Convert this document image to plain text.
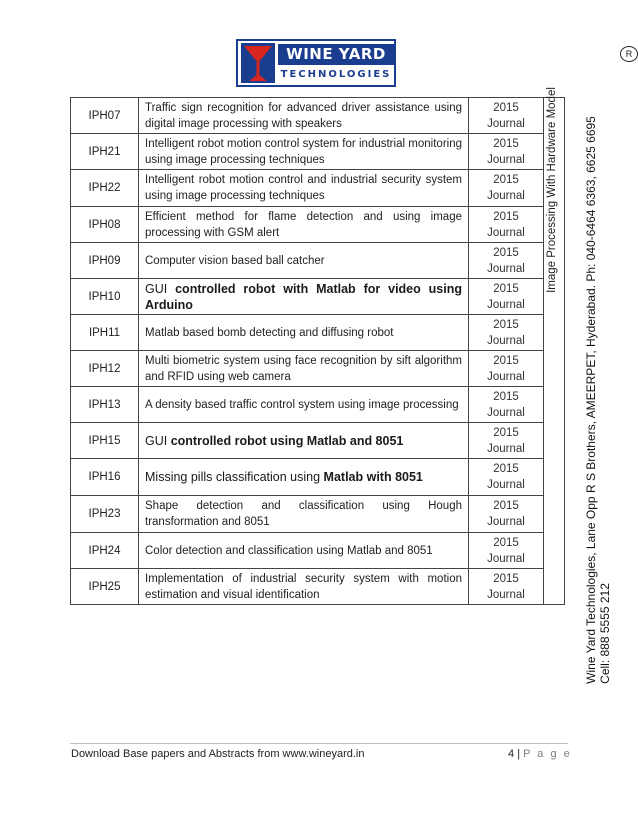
R
WINE YARD
TECHNOLOGIES
IPH07	Traffic sign recognition for advanced driver assistance using digital image processing with speakers	2015
Journal	Image Processing With Hardware Model

IPH21	Intelligent robot motion control system for industrial monitoring using image processing techniques	2015
Journal	

IPH22	Intelligent robot motion control and industrial security system using image processing techniques	2015
Journal	

IPH08	Efficient method for flame detection and using image processing with GSM alert	2015
Journal	

IPH09	Computer vision based ball catcher	2015
Journal	

IPH10	GUI controlled robot with Matlab for video using Arduino	2015
Journal	

IPH11	Matlab based bomb detecting and diffusing robot	2015
Journal	

IPH12	Multi biometric system using face recognition by sift algorithm and RFID using web camera	2015
Journal	

IPH13	A density based traffic control system using image processing	2015
Journal	

IPH15	GUI controlled robot using Matlab and 8051	2015
Journal	

IPH16	Missing pills classification using Matlab with 8051	2015
Journal	

IPH23	Shape detection and classification using Hough transformation and 8051	2015
Journal	

IPH24	Color detection and classification using Matlab and 8051	2015
Journal	

IPH25	Implementation of industrial security system with motion estimation and visual identification	2015
Journal		Wine Yard Technologies, Lane Opp R S Brothers, AMEERPET, Hyderabad. Ph: 040-6464 6363, 6625 6695 Cell: 888 5555 212
Download Base papers and Abstracts from www.wineyard.in	4 | P a g e
